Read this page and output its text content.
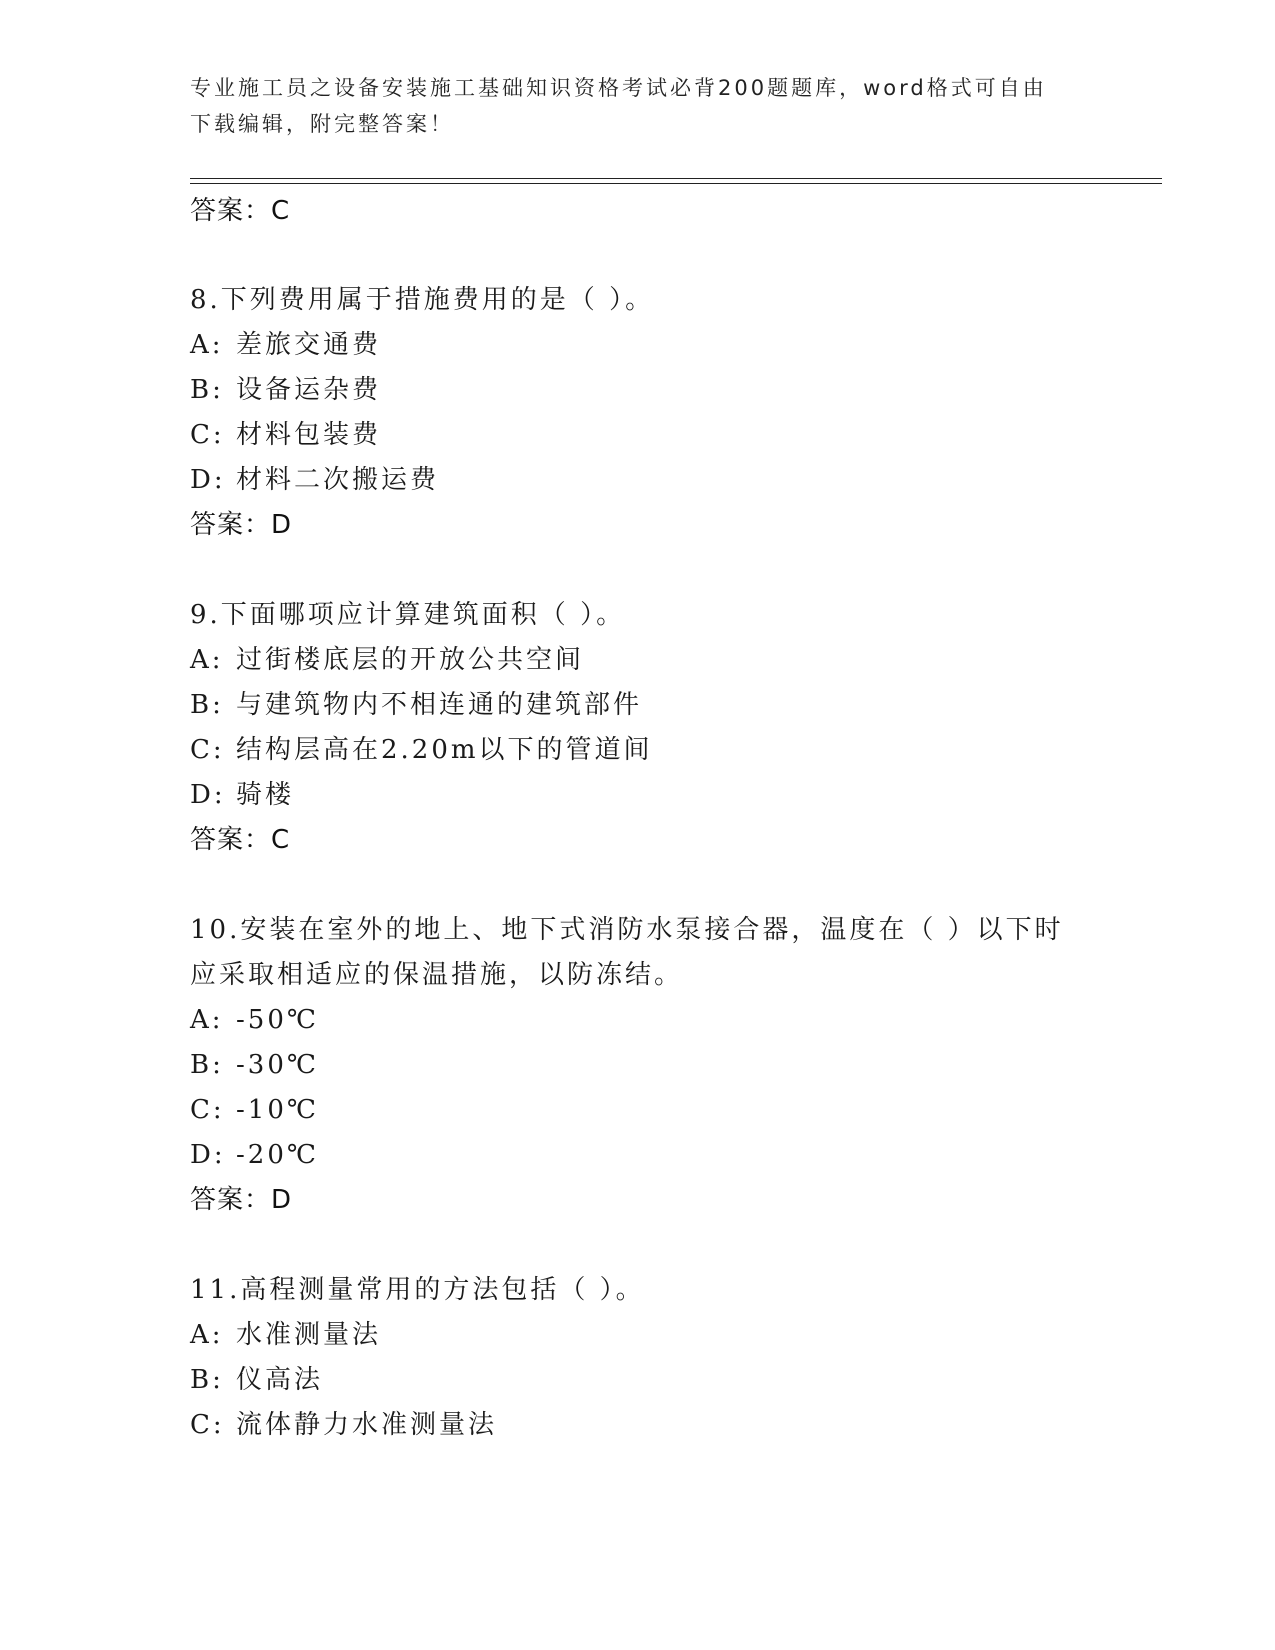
专业施工员之设备安装施工基础知识资格考试必背200题题库，word格式可自由
下载编辑，附完整答案！
答案：C
8.下列费用属于措施费用的是（ ）。
A: 差旅交通费
B: 设备运杂费
C: 材料包装费
D: 材料二次搬运费
答案：D
9.下面哪项应计算建筑面积（ ）。
A: 过街楼底层的开放公共空间
B: 与建筑物内不相连通的建筑部件
C: 结构层高在2.20m以下的管道间
D: 骑楼
答案：C
10.安装在室外的地上、地下式消防水泵接合器，温度在（ ）以下时
应采取相适应的保温措施，以防冻结。
A: -50℃
B: -30℃
C: -10℃
D: -20℃
答案：D
11.高程测量常用的方法包括（ ）。
A: 水准测量法
B: 仪高法
C: 流体静力水准测量法
